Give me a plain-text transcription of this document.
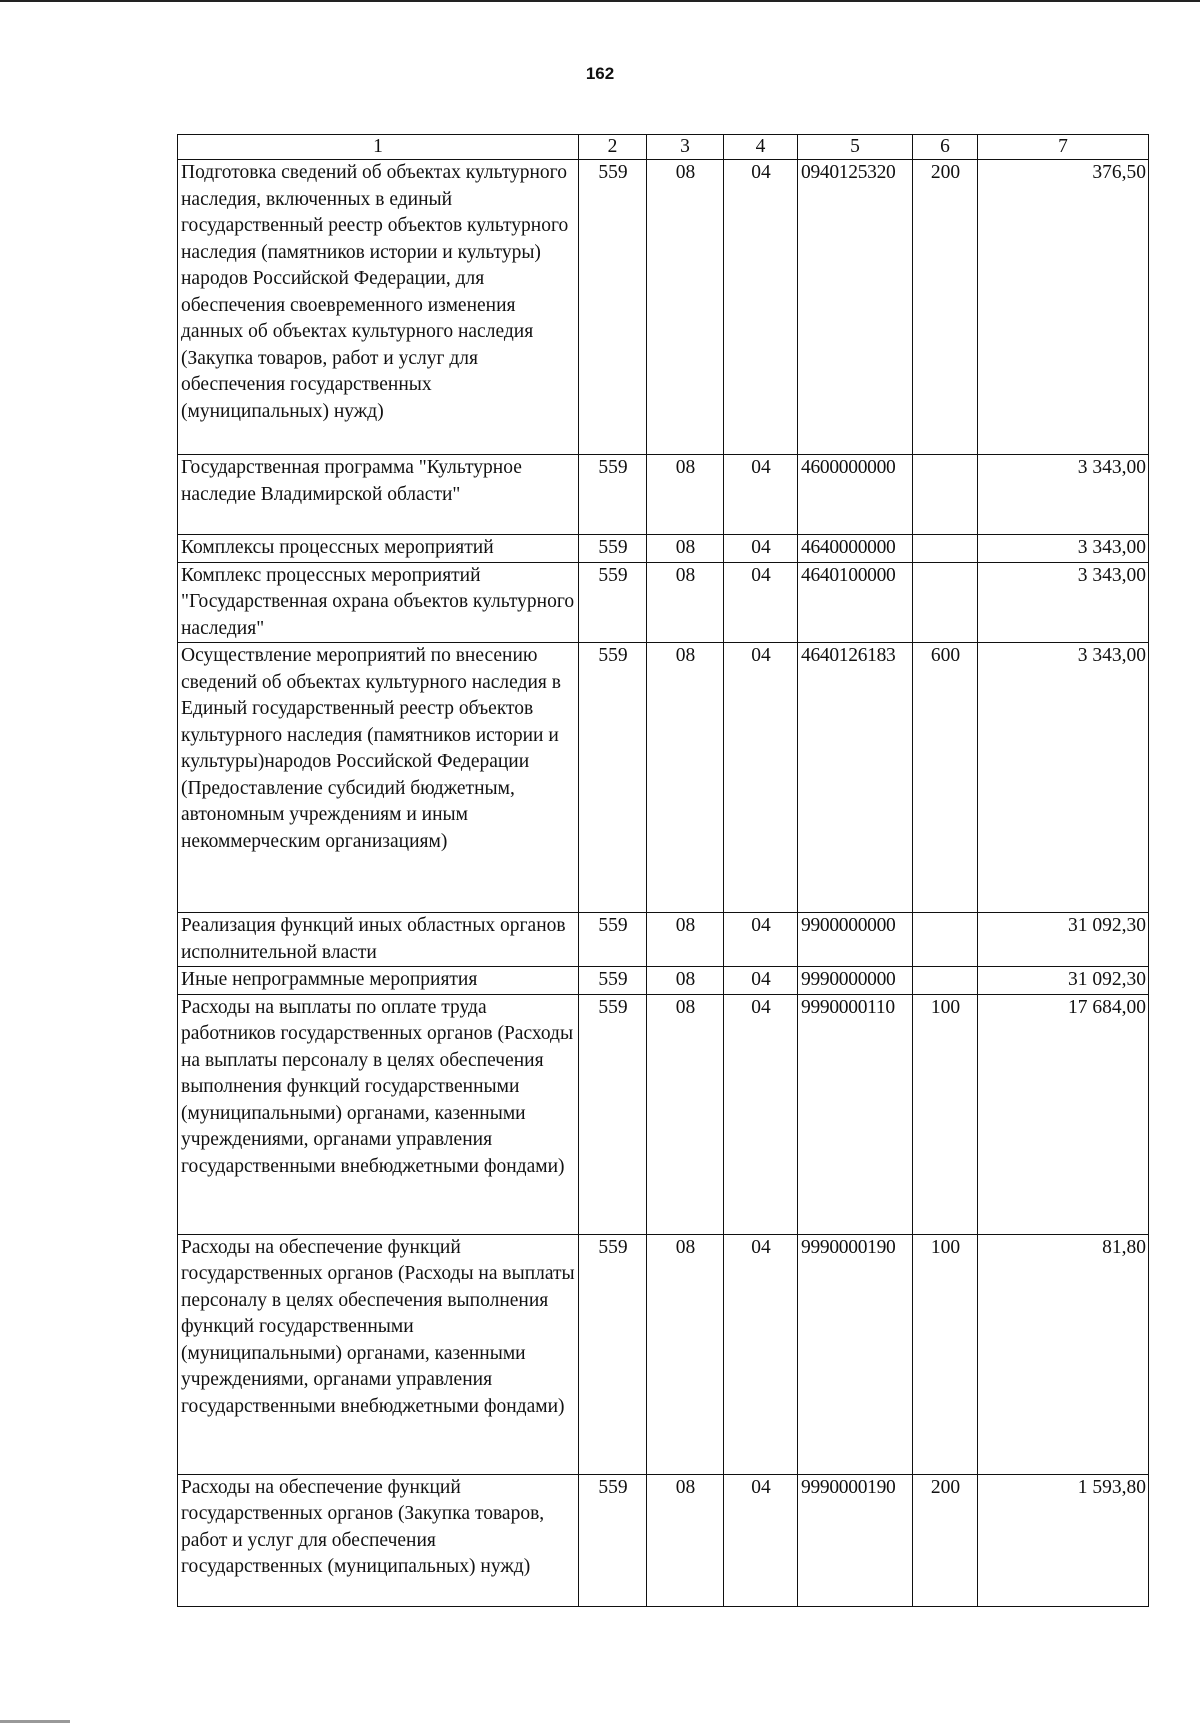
162
1	2	3	4	5	6	7
Подготовка сведений об объектах культурного наследия, включенных в единый государственный реестр объектов культурного наследия (памятников истории и культуры) народов Российской Федерации, для обеспечения своевременного изменения данных об объектах культурного наследия (Закупка товаров, работ и услуг для обеспечения государственных (муниципальных) нужд)	559	08	04	0940125320	200	376,50
Государственная программа "Культурное наследие Владимирской области"	559	08	04	4600000000		3 343,00
Комплексы процессных мероприятий	559	08	04	4640000000		3 343,00
Комплекс процессных мероприятий "Государственная охрана объектов культурного наследия"	559	08	04	4640100000		3 343,00
Осуществление мероприятий по внесению сведений об объектах культурного наследия в Единый государственный реестр объектов культурного наследия (памятников истории и культуры)народов Российской Федерации (Предоставление субсидий бюджетным, автономным учреждениям и иным некоммерческим организациям)	559	08	04	4640126183	600	3 343,00
Реализация функций иных областных органов исполнительной власти	559	08	04	9900000000		31 092,30
Иные непрограммные мероприятия	559	08	04	9990000000		31 092,30
Расходы на выплаты по оплате труда работников государственных органов (Расходы на выплаты персоналу в целях обеспечения выполнения функций государственными (муниципальными) органами, казенными учреждениями, органами управления государственными внебюджетными фондами)	559	08	04	9990000110	100	17 684,00
Расходы на обеспечение функций государственных органов (Расходы на выплаты персоналу в целях обеспечения выполнения функций государственными (муниципальными) органами, казенными учреждениями, органами управления государственными внебюджетными фондами)	559	08	04	9990000190	100	81,80
Расходы на обеспечение функций государственных органов (Закупка товаров, работ и услуг для обеспечения государственных (муниципальных) нужд)	559	08	04	9990000190	200	1 593,80
